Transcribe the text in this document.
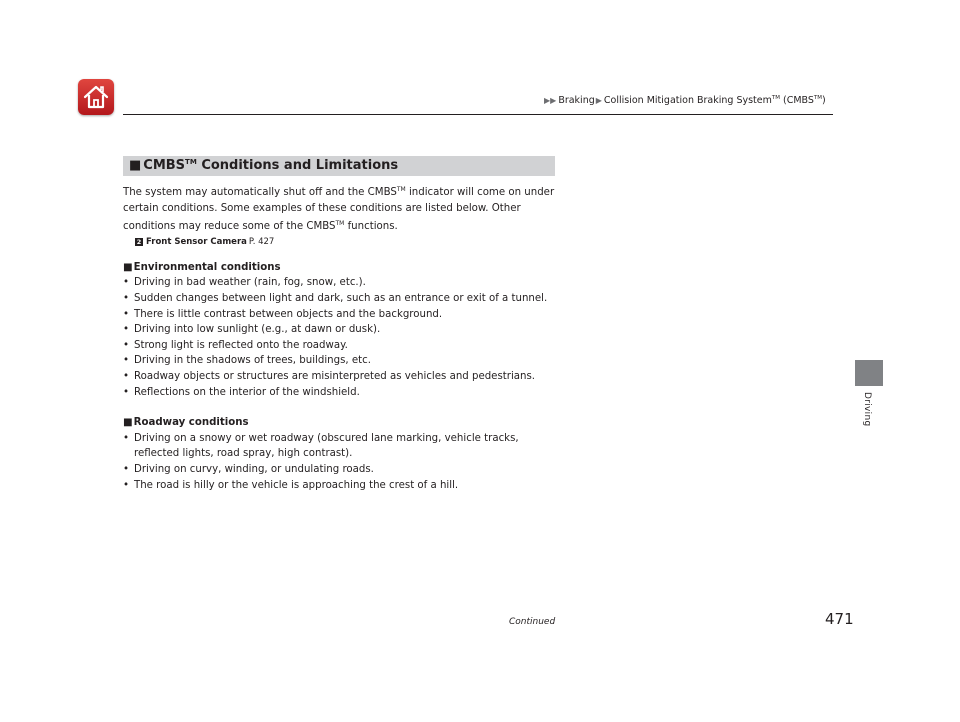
▶▶ Braking▶ Collision Mitigation Braking System™ (CMBS™)
Driving
■ CMBS™ Conditions and Limitations

The system may automatically shut off and the CMBS™ indicator will come on under certain conditions. Some examples of these conditions are listed below. Other conditions may reduce some of the CMBS™ functions.

2 Front Sensor Camera P. 427
■Environmental conditions
• Driving in bad weather (rain, fog, snow, etc.).
• Sudden changes between light and dark, such as an entrance or exit of a tunnel.
• There is little contrast between objects and the background.
• Driving into low sunlight (e.g., at dawn or dusk).
• Strong light is reflected onto the roadway.
• Driving in the shadows of trees, buildings, etc.
• Roadway objects or structures are misinterpreted as vehicles and pedestrians.
• Reflections on the interior of the windshield.
■Roadway conditions
• Driving on a snowy or wet roadway (obscured lane marking, vehicle tracks, reflected lights, road spray, high contrast).
• Driving on curvy, winding, or undulating roads.
• The road is hilly or the vehicle is approaching the crest of a hill.
Continued	471
